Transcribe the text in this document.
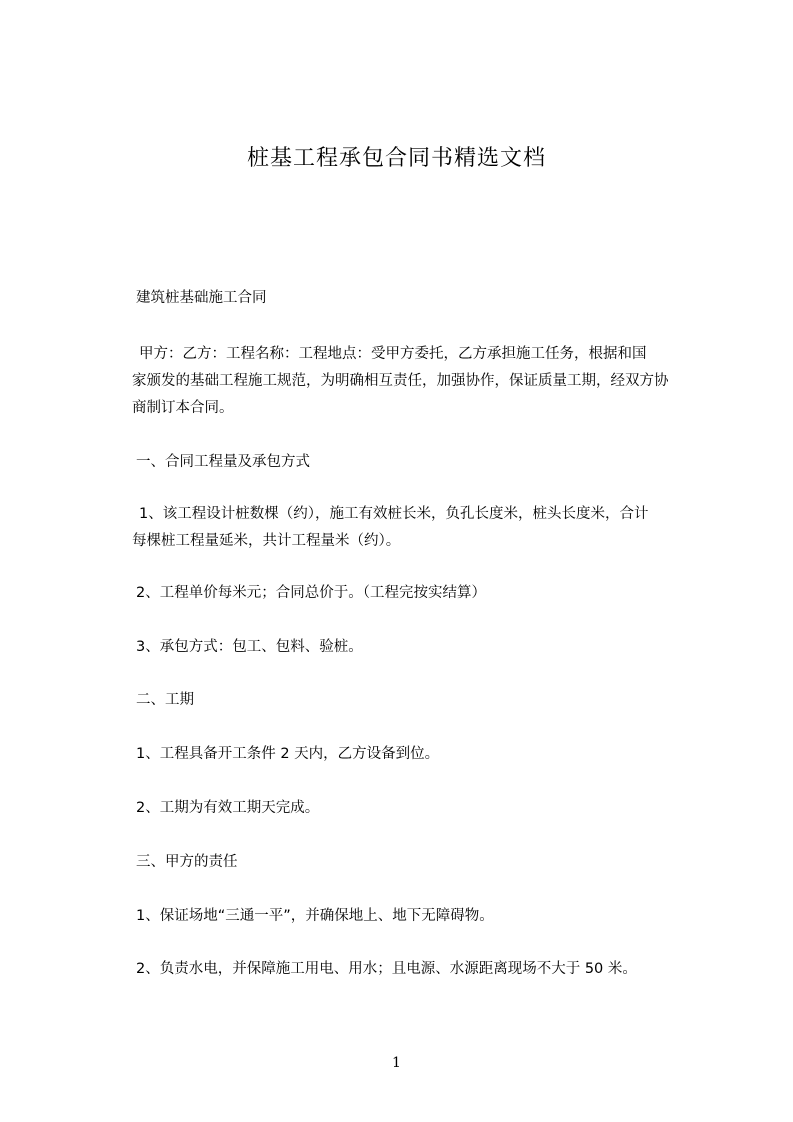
桩基工程承包合同书精选文档
建筑桩基础施工合同
甲方：乙方：工程名称：工程地点：受甲方委托，乙方承担施工任务，根据和国
家颁发的基础工程施工规范，为明确相互责任，加强协作，保证质量工期，经双方协
商制订本合同。
一、合同工程量及承包方式
1、该工程设计桩数棵（约），施工有效桩长米，负孔长度米，桩头长度米，合计
每棵桩工程量延米，共计工程量米（约）。
2、工程单价每米元；合同总价于。（工程完按实结算）
3、承包方式：包工、包料、验桩。
二、工期
1、工程具备开工条件 2 天内，乙方设备到位。
2、工期为有效工期天完成。
三、甲方的责任
1、保证场地“三通一平”，并确保地上、地下无障碍物。
2、负责水电，并保障施工用电、用水；且电源、水源距离现场不大于 50 米。
1
